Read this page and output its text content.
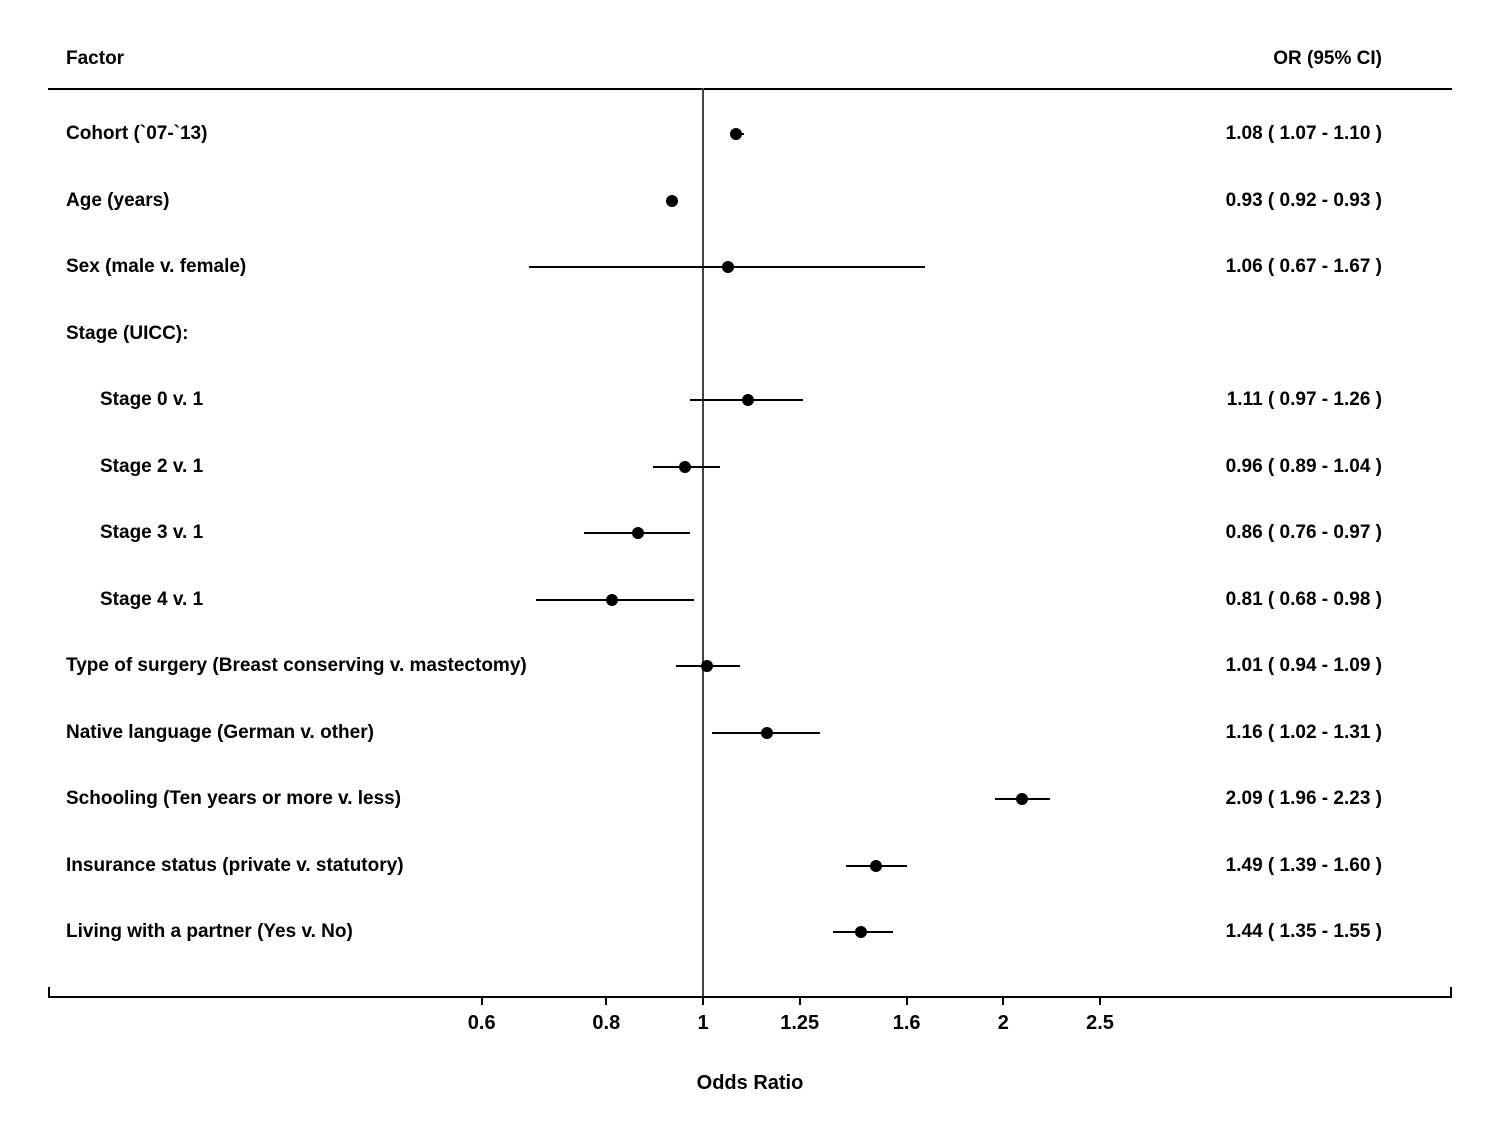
Factor	OR (95% CI)
Cohort (`07-`13)	1.08 ( 1.07 - 1.10 )
Age (years)	0.93 ( 0.92 - 0.93 )
Sex (male v. female)	1.06 ( 0.67 - 1.67 )
Stage (UICC):
Stage 0 v. 1	1.11 ( 0.97 - 1.26 )
Stage 2 v. 1	0.96 ( 0.89 - 1.04 )
Stage 3 v. 1	0.86 ( 0.76 - 0.97 )
Stage 4 v. 1	0.81 ( 0.68 - 0.98 )
Type of surgery (Breast conserving v. mastectomy)	1.01 ( 0.94 - 1.09 )
Native language (German v. other)	1.16 ( 1.02 - 1.31 )
Schooling (Ten years or more v. less)	2.09 ( 1.96 - 2.23 )
Insurance status (private v. statutory)	1.49 ( 1.39 - 1.60 )
Living with a partner (Yes v. No)	1.44 ( 1.35 - 1.55 )
0.6	0.8	1	1.25	1.6	2	2.5
Odds Ratio
